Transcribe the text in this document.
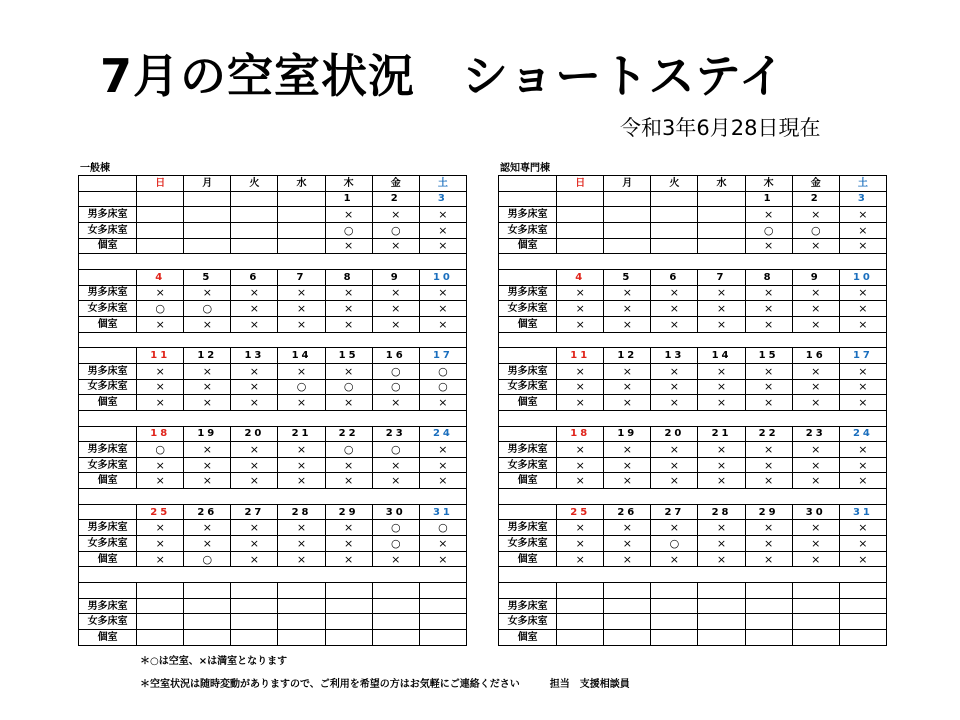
7月の空室状況　ショートステイ
令和3年6月28日現在
一般棟	認知専門棟
	日	月	火	水	木	金	土
					1	2	3
男多床室					×	×	×
女多床室					○	○	×
個室					×	×	×

	4	5	6	7	8	9	10
男多床室	×	×	×	×	×	×	×
女多床室	○	○	×	×	×	×	×
個室	×	×	×	×	×	×	×

	11	12	13	14	15	16	17
男多床室	×	×	×	×	×	○	○
女多床室	×	×	×	○	○	○	○
個室	×	×	×	×	×	×	×

	18	19	20	21	22	23	24
男多床室	○	×	×	×	○	○	×
女多床室	×	×	×	×	×	×	×
個室	×	×	×	×	×	×	×

	25	26	27	28	29	30	31
男多床室	×	×	×	×	×	○	○
女多床室	×	×	×	×	×	○	×
個室	×	○	×	×	×	×	×

男多床室							
女多床室							
個室							
	日	月	火	水	木	金	土
					1	2	3
男多床室					×	×	×
女多床室					○	○	×
個室					×	×	×

	4	5	6	7	8	9	10
男多床室	×	×	×	×	×	×	×
女多床室	×	×	×	×	×	×	×
個室	×	×	×	×	×	×	×

	11	12	13	14	15	16	17
男多床室	×	×	×	×	×	×	×
女多床室	×	×	×	×	×	×	×
個室	×	×	×	×	×	×	×

	18	19	20	21	22	23	24
男多床室	×	×	×	×	×	×	×
女多床室	×	×	×	×	×	×	×
個室	×	×	×	×	×	×	×

	25	26	27	28	29	30	31
男多床室	×	×	×	×	×	×	×
女多床室	×	×	○	×	×	×	×
個室	×	×	×	×	×	×	×

男多床室							
女多床室							
個室							
＊○は空室、×は満室となります
＊空室状況は随時変動がありますので、ご利用を希望の方はお気軽にご連絡ください　　　担当　支援相談員
